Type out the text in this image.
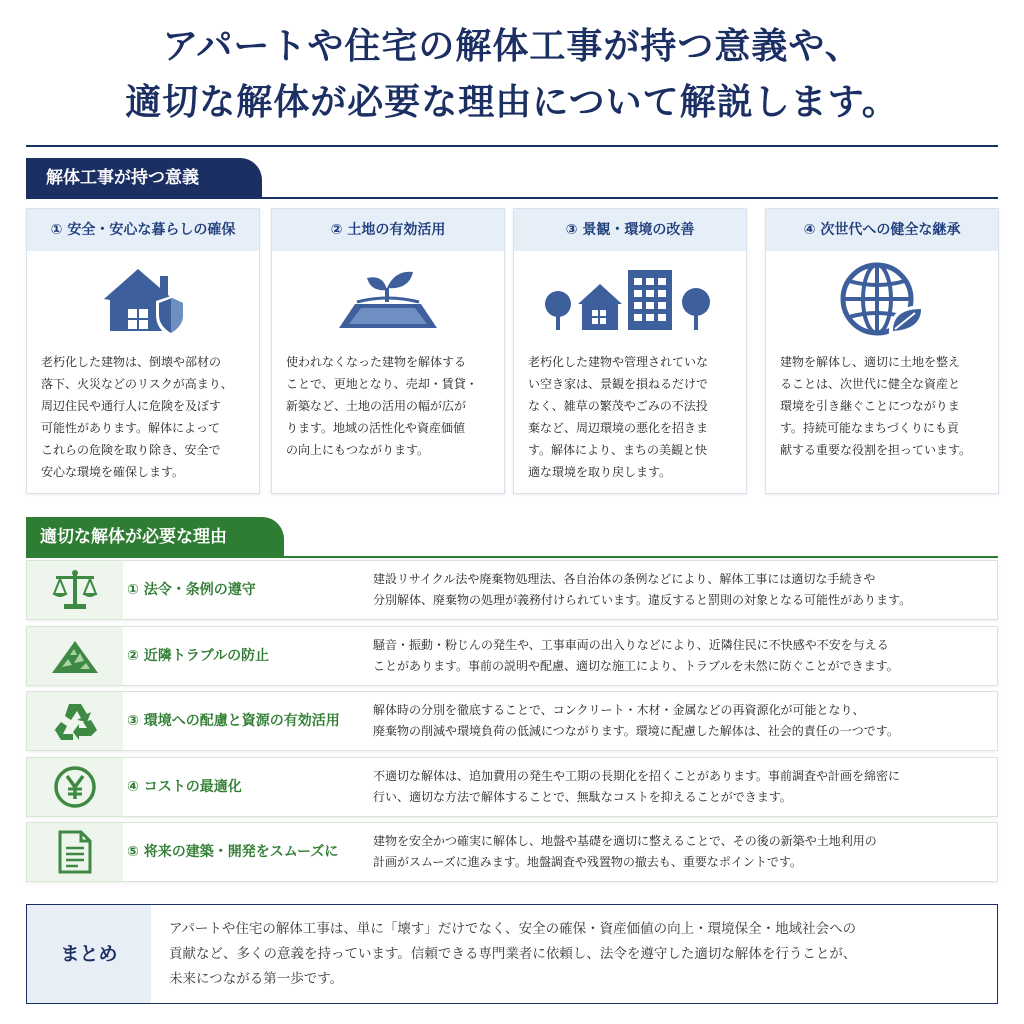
アパートや住宅の解体工事が持つ意義や、
適切な解体が必要な理由について解説します。
解体工事が持つ意義
① 安全・安心な暮らしの確保
老朽化した建物は、倒壊や部材の
落下、火災などのリスクが高まり、
周辺住民や通行人に危険を及ぼす
可能性があります。解体によって
これらの危険を取り除き、安全で
安心な環境を確保します。
② 土地の有効活用
使われなくなった建物を解体する
ことで、更地となり、売却・賃貸・
新築など、土地の活用の幅が広が
ります。地域の活性化や資産価値
の向上にもつながります。
③ 景観・環境の改善
老朽化した建物や管理されていな
い空き家は、景観を損ねるだけで
なく、雑草の繁茂やごみの不法投
棄など、周辺環境の悪化を招きま
す。解体により、まちの美観と快
適な環境を取り戻します。
④ 次世代への健全な継承
建物を解体し、適切に土地を整え
ることは、次世代に健全な資産と
環境を引き継ぐことにつながりま
す。持続可能なまちづくりにも貢
献する重要な役割を担っています。
適切な解体が必要な理由
① 法令・条例の遵守
建設リサイクル法や廃棄物処理法、各自治体の条例などにより、解体工事には適切な手続きや
分別解体、廃棄物の処理が義務付けられています。違反すると罰則の対象となる可能性があります。
② 近隣トラブルの防止
騒音・振動・粉じんの発生や、工事車両の出入りなどにより、近隣住民に不快感や不安を与える
ことがあります。事前の説明や配慮、適切な施工により、トラブルを未然に防ぐことができます。
③ 環境への配慮と資源の有効活用
解体時の分別を徹底することで、コンクリート・木材・金属などの再資源化が可能となり、
廃棄物の削減や環境負荷の低減につながります。環境に配慮した解体は、社会的責任の一つです。
④ コストの最適化
不適切な解体は、追加費用の発生や工期の長期化を招くことがあります。事前調査や計画を綿密に
行い、適切な方法で解体することで、無駄なコストを抑えることができます。
⑤ 将来の建築・開発をスムーズに
建物を安全かつ確実に解体し、地盤や基礎を適切に整えることで、その後の新築や土地利用の
計画がスムーズに進みます。地盤調査や残置物の撤去も、重要なポイントです。
まとめ
アパートや住宅の解体工事は、単に「壊す」だけでなく、安全の確保・資産価値の向上・環境保全・地域社会への
貢献など、多くの意義を持っています。信頼できる専門業者に依頼し、法令を遵守した適切な解体を行うことが、
未来につながる第一歩です。
